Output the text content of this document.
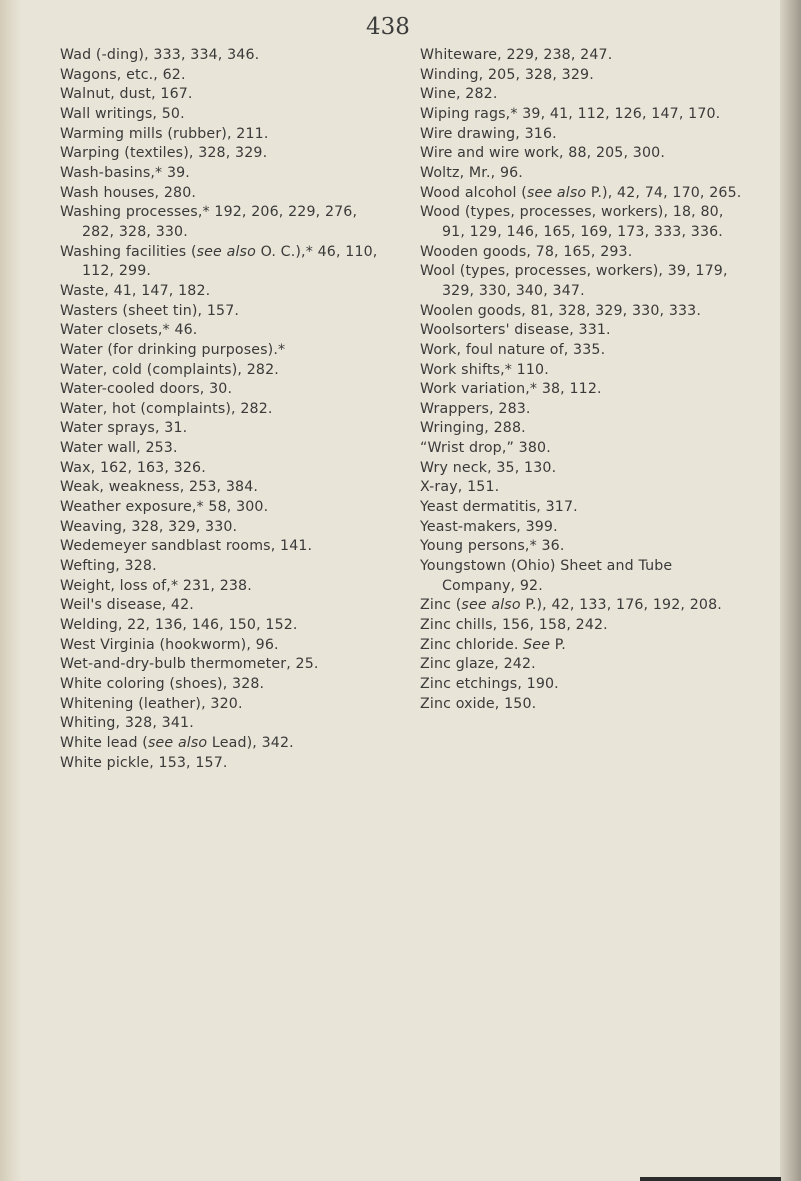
438
Wad (-ding), 333, 334, 346.
Wagons, etc., 62.
Walnut, dust, 167.
Wall writings, 50.
Warming mills (rubber), 211.
Warping (textiles), 328, 329.
Wash-basins,* 39.
Wash houses, 280.
Washing processes,* 192, 206, 229, 276, 282, 328, 330.
Washing facilities (see also O. C.),* 46, 110, 112, 299.
Waste, 41, 147, 182.
Wasters (sheet tin), 157.
Water closets,* 46.
Water (for drinking purposes).*
Water, cold (complaints), 282.
Water-cooled doors, 30.
Water, hot (complaints), 282.
Water sprays, 31.
Water wall, 253.
Wax, 162, 163, 326.
Weak, weakness, 253, 384.
Weather exposure,* 58, 300.
Weaving, 328, 329, 330.
Wedemeyer sandblast rooms, 141.
Wefting, 328.
Weight, loss of,* 231, 238.
Weil's disease, 42.
Welding, 22, 136, 146, 150, 152.
West Virginia (hookworm), 96.
Wet-and-dry-bulb thermometer, 25.
White coloring (shoes), 328.
Whitening (leather), 320.
Whiting, 328, 341.
White lead (see also Lead), 342.
White pickle, 153, 157.
Whiteware, 229, 238, 247.
Winding, 205, 328, 329.
Wine, 282.
Wiping rags,* 39, 41, 112, 126, 147, 170.
Wire drawing, 316.
Wire and wire work, 88, 205, 300.
Woltz, Mr., 96.
Wood alcohol (see also P.), 42, 74, 170, 265.
Wood (types, processes, workers), 18, 80, 91, 129, 146, 165, 169, 173, 333, 336.
Wooden goods, 78, 165, 293.
Wool (types, processes, workers), 39, 179, 329, 330, 340, 347.
Woolen goods, 81, 328, 329, 330, 333.
Woolsorters' disease, 331.
Work, foul nature of, 335.
Work shifts,* 110.
Work variation,* 38, 112.
Wrappers, 283.
Wringing, 288.
“Wrist drop,” 380.
Wry neck, 35, 130.
X-ray, 151.
Yeast dermatitis, 317.
Yeast-makers, 399.
Young persons,* 36.
Youngstown (Ohio) Sheet and Tube Company, 92.
Zinc (see also P.), 42, 133, 176, 192, 208.
Zinc chills, 156, 158, 242.
Zinc chloride. See P.
Zinc glaze, 242.
Zinc etchings, 190.
Zinc oxide, 150.
